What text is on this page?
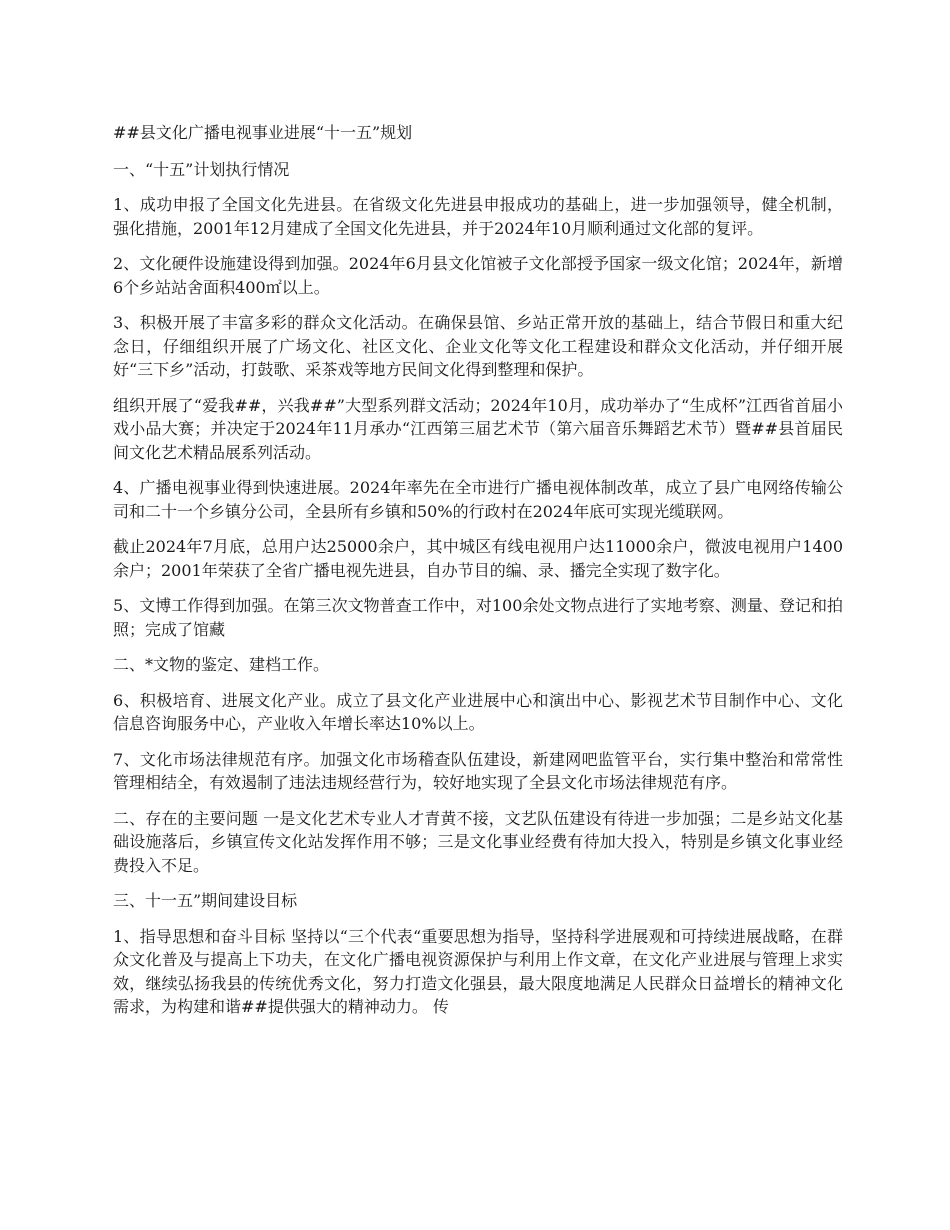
##县文化广播电视事业进展“十一五”规划

一、“十五”计划执行情况

1、成功申报了全国文化先进县。在省级文化先进县申报成功的基础上，进一步加强领导，健全机制，强化措施，2001年12月建成了全国文化先进县，并于2024年10月顺利通过文化部的复评。

2、文化硬件设施建设得到加强。2024年6月县文化馆被子文化部授予国家一级文化馆；2024年，新增6个乡站站舍面积400㎡以上。

3、积极开展了丰富多彩的群众文化活动。在确保县馆、乡站正常开放的基础上，结合节假日和重大纪念日，仔细组织开展了广场文化、社区文化、企业文化等文化工程建设和群众文化活动，并仔细开展好“三下乡”活动，打鼓歌、采茶戏等地方民间文化得到整理和保护。

组织开展了“爱我##，兴我##”大型系列群文活动；2024年10月，成功举办了“生成杯”江西省首届小戏小品大赛；并决定于2024年11月承办“江西第三届艺术节（第六届音乐舞蹈艺术节）暨##县首届民间文化艺术精品展系列活动。

4、广播电视事业得到快速进展。2024年率先在全市进行广播电视体制改革，成立了县广电网络传输公司和二十一个乡镇分公司，全县所有乡镇和50%的行政村在2024年底可实现光缆联网。

截止2024年7月底，总用户达25000余户，其中城区有线电视用户达11000余户，微波电视用户1400余户；2001年荣获了全省广播电视先进县，自办节目的编、录、播完全实现了数字化。

5、文博工作得到加强。在第三次文物普查工作中，对100余处文物点进行了实地考察、测量、登记和拍照；完成了馆藏

二、*文物的鉴定、建档工作。

6、积极培育、进展文化产业。成立了县文化产业进展中心和演出中心、影视艺术节目制作中心、文化信息咨询服务中心，产业收入年增长率达10%以上。

7、文化市场法律规范有序。加强文化市场稽查队伍建设，新建网吧监管平台，实行集中整治和常常性管理相结全，有效遏制了违法违规经营行为，较好地实现了全县文化市场法律规范有序。

二、存在的主要问题 一是文化艺术专业人才青黄不接，文艺队伍建设有待进一步加强；二是乡站文化基础设施落后，乡镇宣传文化站发挥作用不够；三是文化事业经费有待加大投入，特别是乡镇文化事业经费投入不足。

三、十一五”期间建设目标

1、指导思想和奋斗目标 坚持以“三个代表“重要思想为指导，坚持科学进展观和可持续进展战略，在群众文化普及与提高上下功夫，在文化广播电视资源保护与利用上作文章，在文化产业进展与管理上求实效，继续弘扬我县的传统优秀文化，努力打造文化强县，最大限度地满足人民群众日益增长的精神文化需求，为构建和谐##提供强大的精神动力。 传
